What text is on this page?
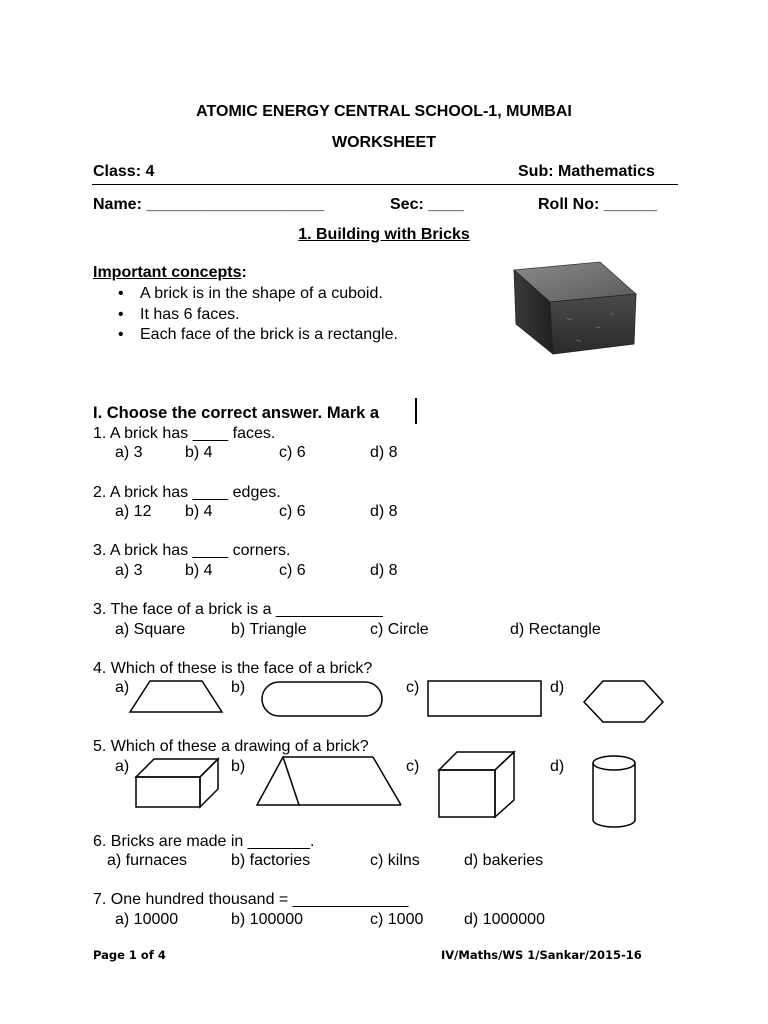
ATOMIC ENERGY CENTRAL SCHOOL-1, MUMBAI
WORKSHEET
Class: 4	Sub: Mathematics
Name: ____________________	Sec: ____	Roll No: ______
1. Building with Bricks
Important concepts:
• A brick is in the shape of a cuboid.
• It has 6 faces.
• Each face of the brick is a rectangle.
I. Choose the correct answer. Mark a
1. A brick has ____ faces.
a) 3	b) 4	c) 6	d) 8
2. A brick has ____ edges.
a) 12 b) 4	c) 6	d) 8
3. A brick has ____ corners.
a) 3	b) 4	c) 6	d) 8
3. The face of a brick is a ____________
a) Square	b) Triangle	c) Circle	d) Rectangle
4. Which of these is the face of a brick?
a)	b)	c)	d)
5. Which of these a drawing of a brick?
a)	b)	c)	d)
6. Bricks are made in _______.
a) furnaces	b) factories	c) kilns	d) bakeries
7. One hundred thousand = _____________
a) 10000	b) 100000	c) 1000	d) 1000000
Page 1 of 4	IV/Maths/WS 1/Sankar/2015-16
